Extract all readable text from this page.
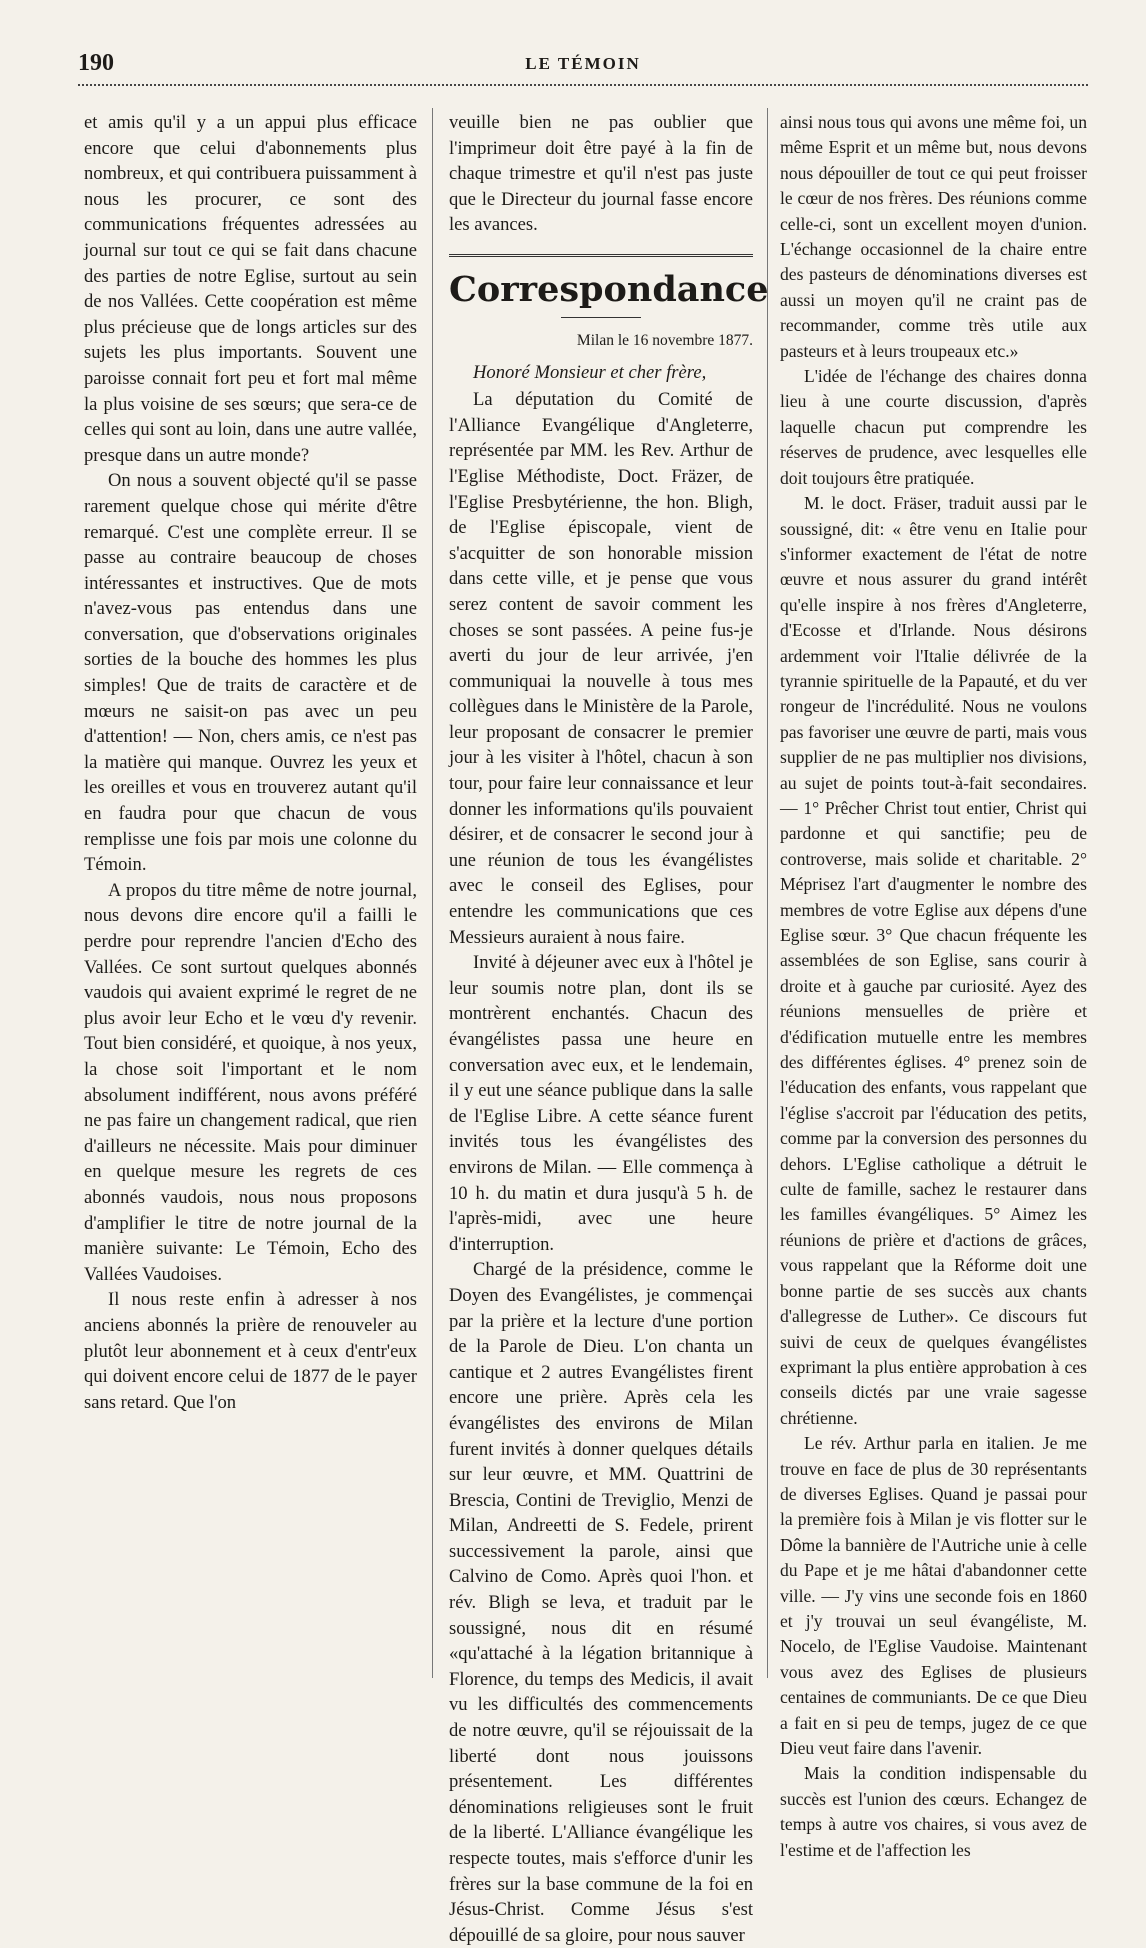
190	LE TÉMOIN

et amis qu'il y a un appui plus efficace encore que celui d'abonnements plus nombreux, et qui contribuera puissamment à nous les procurer, ce sont des communications fréquentes adressées au journal sur tout ce qui se fait dans chacune des parties de notre Eglise, surtout au sein de nos Vallées. Cette coopération est même plus précieuse que de longs articles sur des sujets les plus importants. Souvent une paroisse connait fort peu et fort mal même la plus voisine de ses sœurs; que sera-ce de celles qui sont au loin, dans une autre vallée, presque dans un autre monde?

On nous a souvent objecté qu'il se passe rarement quelque chose qui mérite d'être remarqué. C'est une complète erreur. Il se passe au contraire beaucoup de choses intéressantes et instructives. Que de mots n'avez-vous pas entendus dans une conversation, que d'observations originales sorties de la bouche des hommes les plus simples! Que de traits de caractère et de mœurs ne saisit-on pas avec un peu d'attention! — Non, chers amis, ce n'est pas la matière qui manque. Ouvrez les yeux et les oreilles et vous en trouverez autant qu'il en faudra pour que chacun de vous remplisse une fois par mois une colonne du Témoin.

A propos du titre même de notre journal, nous devons dire encore qu'il a failli le perdre pour reprendre l'ancien d'Echo des Vallées. Ce sont surtout quelques abonnés vaudois qui avaient exprimé le regret de ne plus avoir leur Echo et le vœu d'y revenir. Tout bien considéré, et quoique, à nos yeux, la chose soit l'important et le nom absolument indifférent, nous avons préféré ne pas faire un changement radical, que rien d'ailleurs ne nécessite. Mais pour diminuer en quelque mesure les regrets de ces abonnés vaudois, nous nous proposons d'amplifier le titre de notre journal de la manière suivante: Le Témoin, Echo des Vallées Vaudoises.

Il nous reste enfin à adresser à nos anciens abonnés la prière de renouveler au plutôt leur abonnement et à ceux d'entr'eux qui doivent encore celui de 1877 de le payer sans retard. Que l'on

veuille bien ne pas oublier que l'imprimeur doit être payé à la fin de chaque trimestre et qu'il n'est pas juste que le Directeur du journal fasse encore les avances.

Correspondance
Milan le 16 novembre 1877.

Honoré Monsieur et cher frère,

La députation du Comité de l'Alliance Evangélique d'Angleterre, représentée par MM. les Rev. Arthur de l'Eglise Méthodiste, Doct. Fräzer, de l'Eglise Presbytérienne, the hon. Bligh, de l'Eglise épiscopale, vient de s'acquitter de son honorable mission dans cette ville, et je pense que vous serez content de savoir comment les choses se sont passées. A peine fus-je averti du jour de leur arrivée, j'en communiquai la nouvelle à tous mes collègues dans le Ministère de la Parole, leur proposant de consacrer le premier jour à les visiter à l'hôtel, chacun à son tour, pour faire leur connaissance et leur donner les informations qu'ils pouvaient désirer, et de consacrer le second jour à une réunion de tous les évangélistes avec le conseil des Eglises, pour entendre les communications que ces Messieurs auraient à nous faire.

Invité à déjeuner avec eux à l'hôtel je leur soumis notre plan, dont ils se montrèrent enchantés. Chacun des évangélistes passa une heure en conversation avec eux, et le lendemain, il y eut une séance publique dans la salle de l'Eglise Libre. A cette séance furent invités tous les évangélistes des environs de Milan. — Elle commença à 10 h. du matin et dura jusqu'à 5 h. de l'après-midi, avec une heure d'interruption.

Chargé de la présidence, comme le Doyen des Evangélistes, je commençai par la prière et la lecture d'une portion de la Parole de Dieu. L'on chanta un cantique et 2 autres Evangélistes firent encore une prière. Après cela les évangélistes des environs de Milan furent invités à donner quelques détails sur leur œuvre, et MM. Quattrini de Brescia, Contini de Treviglio, Menzi de Milan, Andreetti de S. Fedele, prirent successivement la parole, ainsi que Calvino de Como. Après quoi l'hon. et rév. Bligh se leva, et traduit par le soussigné, nous dit en résumé «qu'attaché à la légation britannique à Florence, du temps des Medicis, il avait vu les difficultés des commencements de notre œuvre, qu'il se réjouissait de la liberté dont nous jouissons présentement. Les différentes dénominations religieuses sont le fruit de la liberté. L'Alliance évangélique les respecte toutes, mais s'efforce d'unir les frères sur la base commune de la foi en Jésus-Christ. Comme Jésus s'est dépouillé de sa gloire, pour nous sauver

ainsi nous tous qui avons une même foi, un même Esprit et un même but, nous devons nous dépouiller de tout ce qui peut froisser le cœur de nos frères. Des réunions comme celle-ci, sont un excellent moyen d'union. L'échange occasionnel de la chaire entre des pasteurs de dénominations diverses est aussi un moyen qu'il ne craint pas de recommander, comme très utile aux pasteurs et à leurs troupeaux etc.»

L'idée de l'échange des chaires donna lieu à une courte discussion, d'après laquelle chacun put comprendre les réserves de prudence, avec lesquelles elle doit toujours être pratiquée.

M. le doct. Fräser, traduit aussi par le soussigné, dit: « être venu en Italie pour s'informer exactement de l'état de notre œuvre et nous assurer du grand intérêt qu'elle inspire à nos frères d'Angleterre, d'Ecosse et d'Irlande. Nous désirons ardemment voir l'Italie délivrée de la tyrannie spirituelle de la Papauté, et du ver rongeur de l'incrédulité. Nous ne voulons pas favoriser une œuvre de parti, mais vous supplier de ne pas multiplier nos divisions, au sujet de points tout-à-fait secondaires. — 1° Prêcher Christ tout entier, Christ qui pardonne et qui sanctifie; peu de controverse, mais solide et charitable. 2° Méprisez l'art d'augmenter le nombre des membres de votre Eglise aux dépens d'une Eglise sœur. 3° Que chacun fréquente les assemblées de son Eglise, sans courir à droite et à gauche par curiosité. Ayez des réunions mensuelles de prière et d'édification mutuelle entre les membres des différentes églises. 4° prenez soin de l'éducation des enfants, vous rappelant que l'église s'accroit par l'éducation des petits, comme par la conversion des personnes du dehors. L'Eglise catholique a détruit le culte de famille, sachez le restaurer dans les familles évangéliques. 5° Aimez les réunions de prière et d'actions de grâces, vous rappelant que la Réforme doit une bonne partie de ses succès aux chants d'allegresse de Luther». Ce discours fut suivi de ceux de quelques évangélistes exprimant la plus entière approbation à ces conseils dictés par une vraie sagesse chrétienne.

Le rév. Arthur parla en italien. Je me trouve en face de plus de 30 représentants de diverses Eglises. Quand je passai pour la première fois à Milan je vis flotter sur le Dôme la bannière de l'Autriche unie à celle du Pape et je me hâtai d'abandonner cette ville. — J'y vins une seconde fois en 1860 et j'y trouvai un seul évangéliste, M. Nocelo, de l'Eglise Vaudoise. Maintenant vous avez des Eglises de plusieurs centaines de communiants. De ce que Dieu a fait en si peu de temps, jugez de ce que Dieu veut faire dans l'avenir.

Mais la condition indispensable du succès est l'union des cœurs. Echangez de temps à autre vos chaires, si vous avez de l'estime et de l'affection les
